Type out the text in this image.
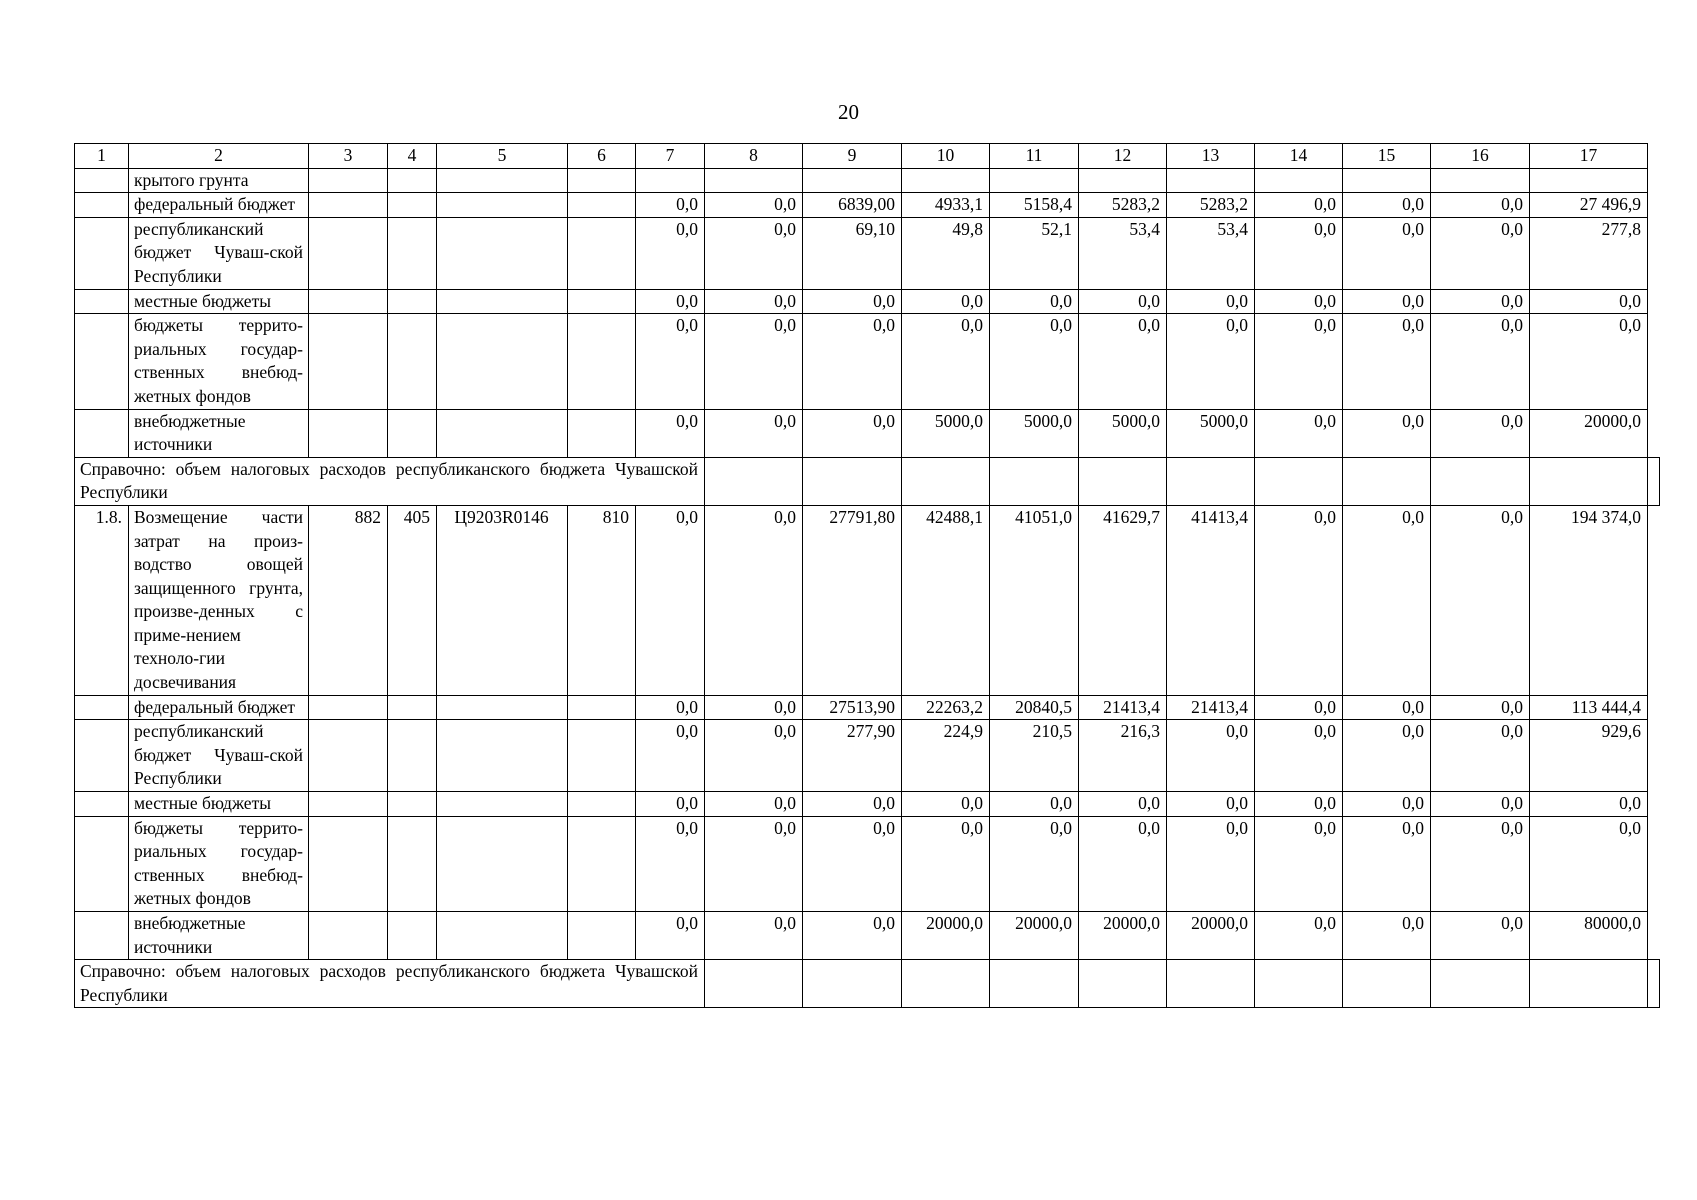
20
1	2	3	4	5	6	7	8	9	10	11	12	13	14	15	16	17	
	крытого грунта																
	федеральный бюджет					0,0	0,0	6839,00	4933,1	5158,4	5283,2	5283,2	0,0	0,0	0,0	27 496,9	
	республиканский бюджет Чуваш-ской Республики					0,0	0,0	69,10	49,8	52,1	53,4	53,4	0,0	0,0	0,0	277,8	
	местные бюджеты					0,0	0,0	0,0	0,0	0,0	0,0	0,0	0,0	0,0	0,0	0,0	
	бюджеты террито-риальных государ-ственных внебюд-жетных фондов					0,0	0,0	0,0	0,0	0,0	0,0	0,0	0,0	0,0	0,0	0,0	
	внебюджетные источники					0,0	0,0	0,0	5000,0	5000,0	5000,0	5000,0	0,0	0,0	0,0	20000,0	
Справочно: объем налоговых расходов республиканского бюджета Чувашской Республики																	
1.8.	Возмещение части затрат на произ-водство овощей защищенного грунта, произве-денных с приме-нением техноло-гии досвечивания	882	405	Ц9203R0146	810	0,0	0,0	27791,80	42488,1	41051,0	41629,7	41413,4	0,0	0,0	0,0	194 374,0	
	федеральный бюджет					0,0	0,0	27513,90	22263,2	20840,5	21413,4	21413,4	0,0	0,0	0,0	113 444,4	
	республиканский бюджет Чуваш-ской Республики					0,0	0,0	277,90	224,9	210,5	216,3	0,0	0,0	0,0	0,0	929,6	
	местные бюджеты					0,0	0,0	0,0	0,0	0,0	0,0	0,0	0,0	0,0	0,0	0,0	
	бюджеты террито-риальных государ-ственных внебюд-жетных фондов					0,0	0,0	0,0	0,0	0,0	0,0	0,0	0,0	0,0	0,0	0,0	
	внебюджетные источники					0,0	0,0	0,0	20000,0	20000,0	20000,0	20000,0	0,0	0,0	0,0	80000,0	
Справочно: объем налоговых расходов республиканского бюджета Чувашской Республики																	
